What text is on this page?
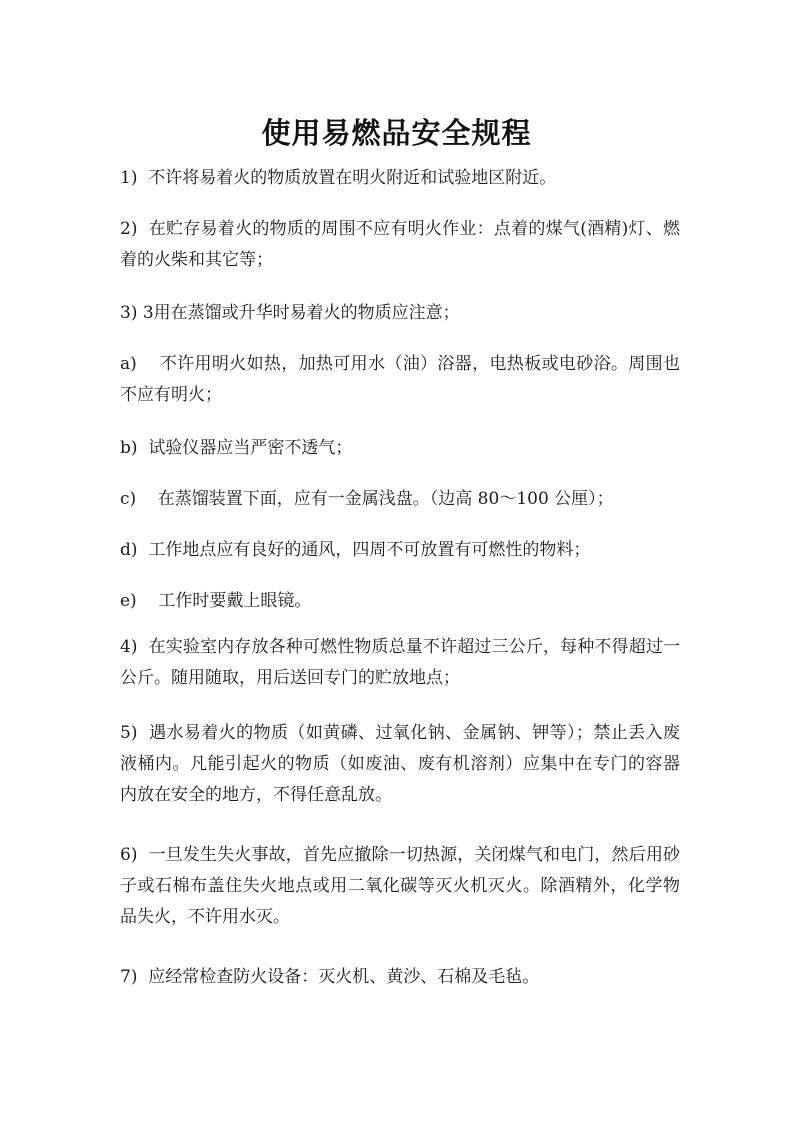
使用易燃品安全规程

1) 不许将易着火的物质放置在明火附近和试验地区附近。

2) 在贮存易着火的物质的周围不应有明火作业：点着的煤气(酒精)灯、燃着的火柴和其它等；

3) 3用在蒸馏或升华时易着火的物质应注意；

a) 不许用明火如热，加热可用水（油）浴器，电热板或电砂浴。周围也不应有明火；

b) 试验仪器应当严密不透气；

c) 在蒸馏装置下面，应有一金属浅盘。（边高 80～100 公厘）；

d) 工作地点应有良好的通风，四周不可放置有可燃性的物料；

e) 工作时要戴上眼镜。

4) 在实验室内存放各种可燃性物质总量不许超过三公斤，每种不得超过一公斤。随用随取，用后送回专门的贮放地点；

5) 遇水易着火的物质（如黄磷、过氧化钠、金属钠、钾等）；禁止丢入废液桶内。凡能引起火的物质（如废油、废有机溶剂）应集中在专门的容器内放在安全的地方，不得任意乱放。

6) 一旦发生失火事故，首先应撤除一切热源，关闭煤气和电门，然后用砂子或石棉布盖住失火地点或用二氧化碳等灭火机灭火。除酒精外，化学物品失火，不许用水灭。

7) 应经常检查防火设备：灭火机、黄沙、石棉及毛毡。
